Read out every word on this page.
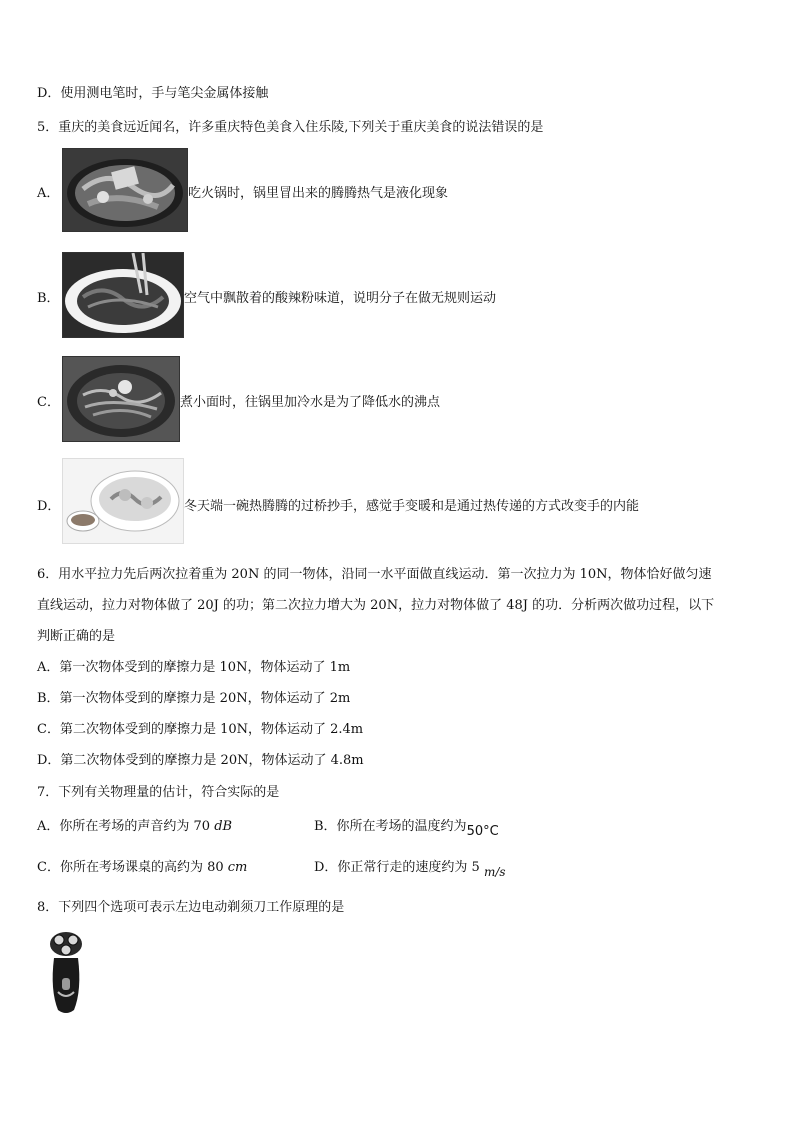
D．使用测电笔时，手与笔尖金属体接触
5．重庆的美食远近闻名，许多重庆特色美食入住乐陵,下列关于重庆美食的说法错误的是
A．	吃火锅时，锅里冒出来的腾腾热气是液化现象
B．	空气中飘散着的酸辣粉味道，说明分子在做无规则运动
C．	煮小面时，往锅里加冷水是为了降低水的沸点
D．	冬天端一碗热腾腾的过桥抄手，感觉手变暖和是通过热传递的方式改变手的内能
6．用水平拉力先后两次拉着重为 20N 的同一物体，沿同一水平面做直线运动．第一次拉力为 10N，物体恰好做匀速
直线运动，拉力对物体做了 20J 的功；第二次拉力增大为 20N，拉力对物体做了 48J 的功．分析两次做功过程，以下
判断正确的是
A．第一次物体受到的摩擦力是 10N，物体运动了 1m
B．第一次物体受到的摩擦力是 20N，物体运动了 2m
C．第二次物体受到的摩擦力是 10N，物体运动了 2.4m
D．第二次物体受到的摩擦力是 20N，物体运动了 4.8m
7．下列有关物理量的估计，符合实际的是
A．你所在考场的声音约为 70 dB	B．你所在考场的温度约为50°C
C．你所在考场课桌的高约为 80 cm	D．你正常行走的速度约为 5 m/s
8．下列四个选项可表示左边电动剃须刀工作原理的是
